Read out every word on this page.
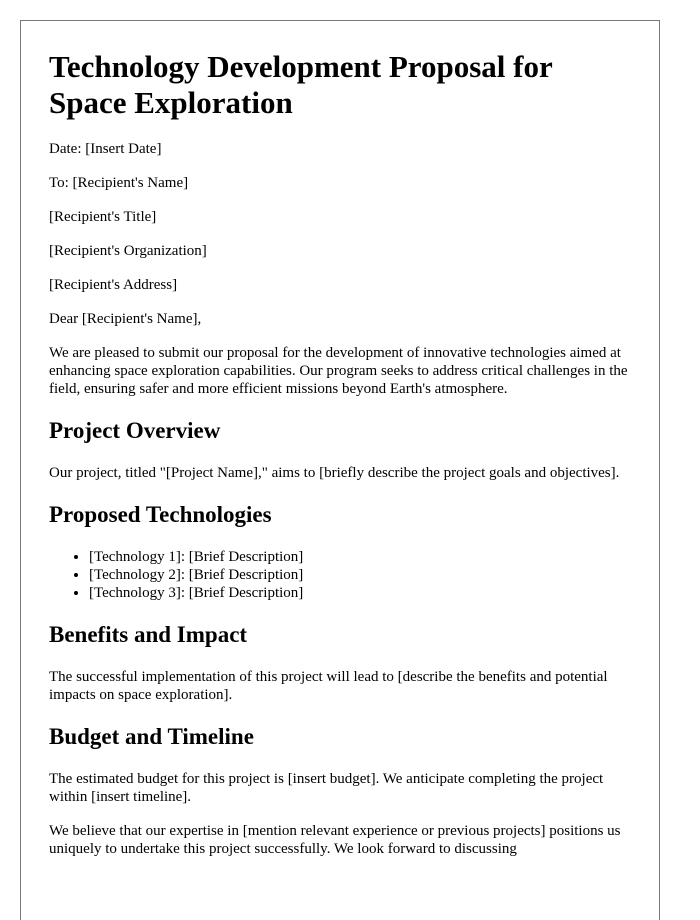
Technology Development Proposal for Space Exploration

Date: [Insert Date]

To: [Recipient's Name]

[Recipient's Title]

[Recipient's Organization]

[Recipient's Address]

Dear [Recipient's Name],

We are pleased to submit our proposal for the development of innovative technologies aimed at enhancing space exploration capabilities. Our program seeks to address critical challenges in the field, ensuring safer and more efficient missions beyond Earth's atmosphere.

Project Overview

Our project, titled "[Project Name]," aims to [briefly describe the project goals and objectives].

Proposed Technologies
• [Technology 1]: [Brief Description]
• [Technology 2]: [Brief Description]
• [Technology 3]: [Brief Description]
Benefits and Impact

The successful implementation of this project will lead to [describe the benefits and potential impacts on space exploration].

Budget and Timeline

The estimated budget for this project is [insert budget]. We anticipate completing the project within [insert timeline].

We believe that our expertise in [mention relevant experience or previous projects] positions us uniquely to undertake this project successfully. We look forward to discussing
